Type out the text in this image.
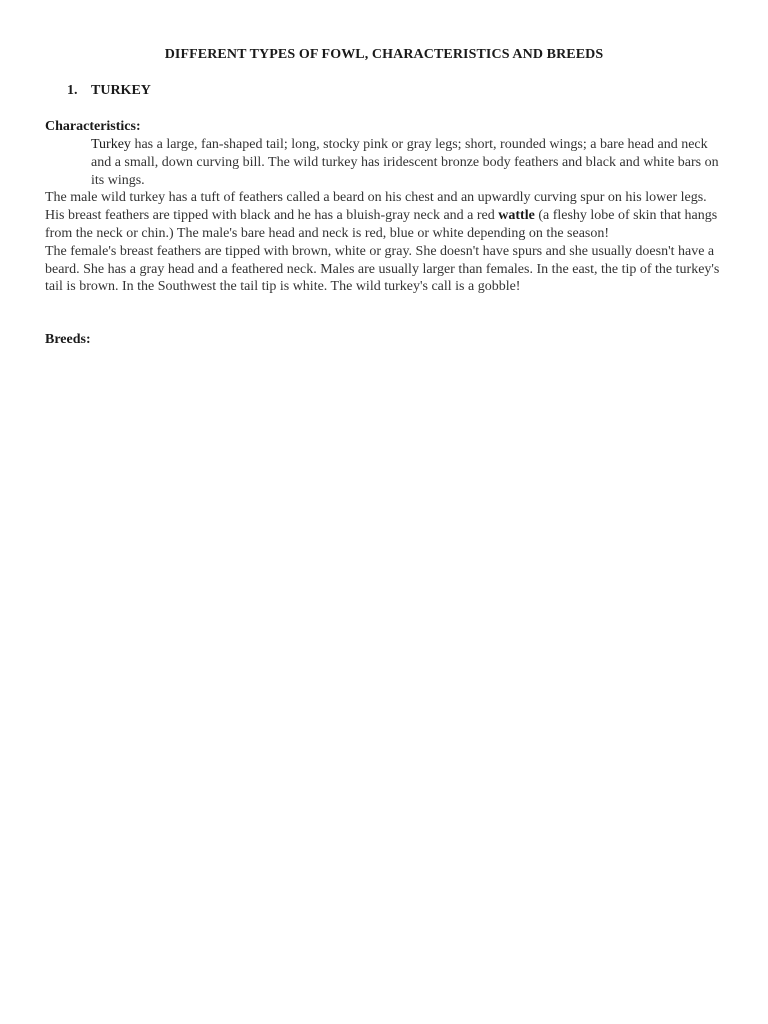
DIFFERENT TYPES OF FOWL, CHARACTERISTICS AND BREEDS
1. TURKEY
Characteristics:

Turkey has a large, fan-shaped tail; long, stocky pink or gray legs; short, rounded wings; a bare head and neck and a small, down curving bill. The wild turkey has iridescent bronze body feathers and black and white bars on its wings.

The male wild turkey has a tuft of feathers called a beard on his chest and an upwardly curving spur on his lower legs. His breast feathers are tipped with black and he has a bluish-gray neck and a red wattle (a fleshy lobe of skin that hangs from the neck or chin.) The male's bare head and neck is red, blue or white depending on the season!

The female's breast feathers are tipped with brown, white or gray. She doesn't have spurs and she usually doesn't have a beard. She has a gray head and a feathered neck. Males are usually larger than females. In the east, the tip of the turkey's tail is brown. In the Southwest the tail tip is white. The wild turkey's call is a gobble!

Breeds:
